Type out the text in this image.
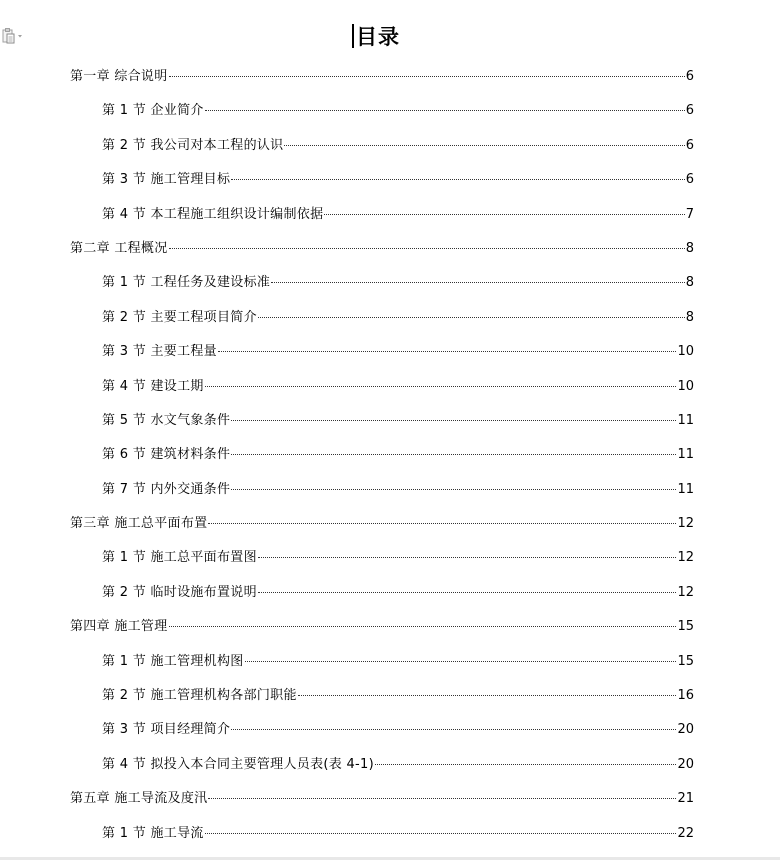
目录
第一章 综合说明	6
第 1 节 企业简介	6
第 2 节 我公司对本工程的认识	6
第 3 节 施工管理目标	6
第 4 节 本工程施工组织设计编制依据	7
第二章 工程概况	8
第 1 节 工程任务及建设标准	8
第 2 节 主要工程项目简介	8
第 3 节 主要工程量	10
第 4 节 建设工期	10
第 5 节 水文气象条件	11
第 6 节 建筑材料条件	11
第 7 节 内外交通条件	11
第三章 施工总平面布置	12
第 1 节 施工总平面布置图	12
第 2 节 临时设施布置说明	12
第四章 施工管理	15
第 1 节 施工管理机构图	15
第 2 节 施工管理机构各部门职能	16
第 3 节 项目经理简介	20
第 4 节 拟投入本合同主要管理人员表(表 4-1)	20
第五章 施工导流及度汛	21
第 1 节 施工导流	22
